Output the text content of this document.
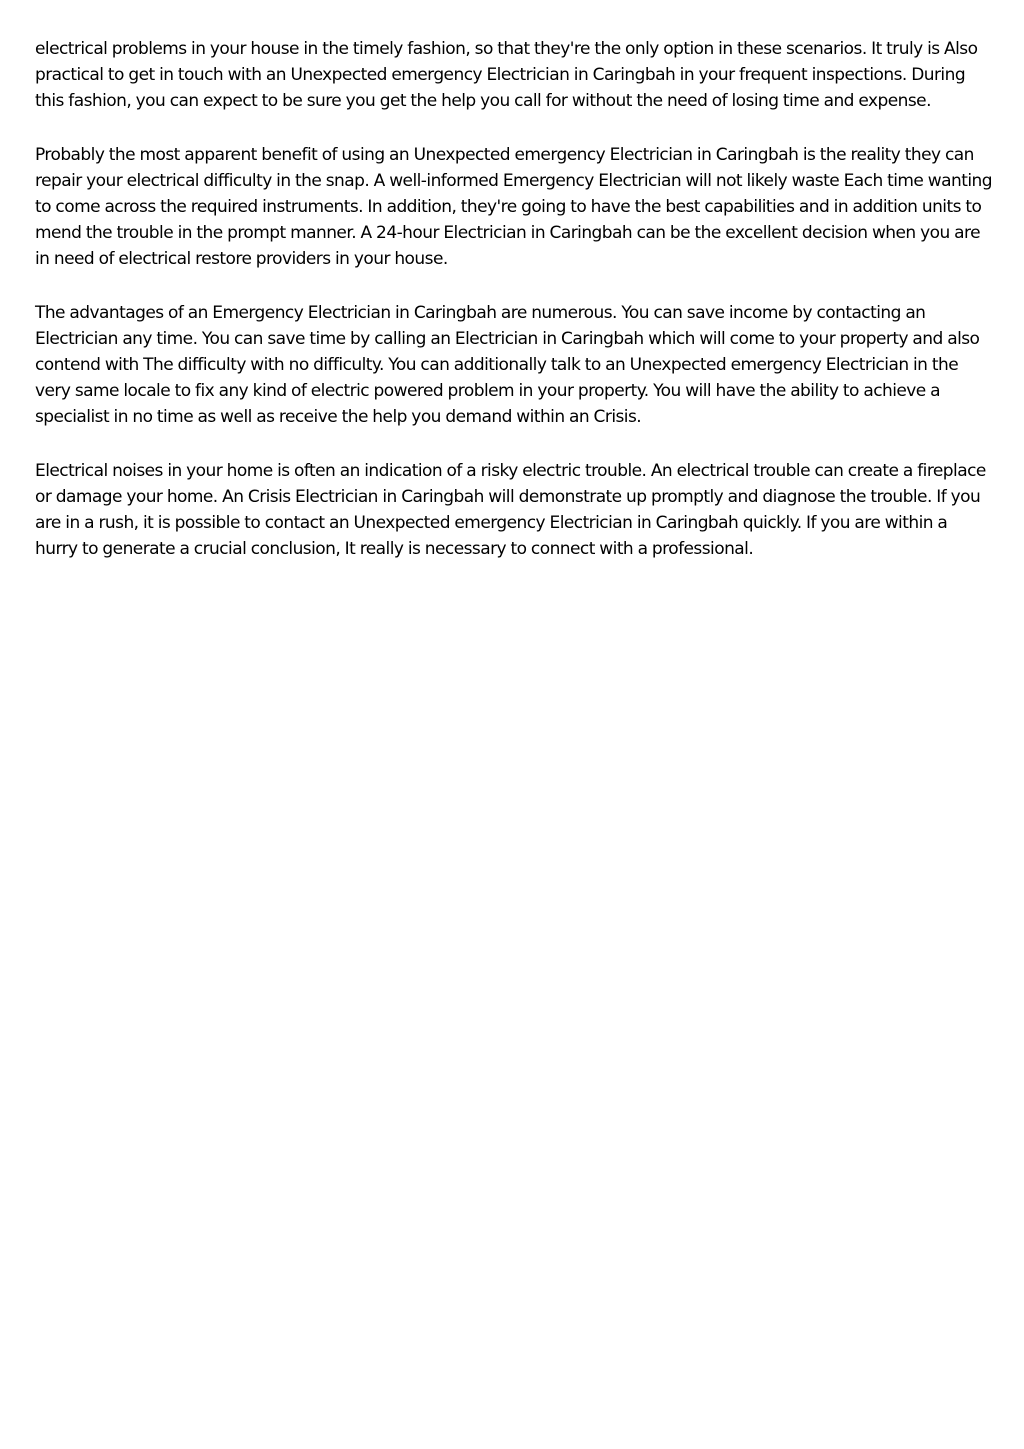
electrical problems in your house in the timely fashion, so that they're the only option in these scenarios. It truly is Also practical to get in touch with an Unexpected emergency Electrician in Caringbah in your frequent inspections. During this fashion, you can expect to be sure you get the help you call for without the need of losing time and expense.

Probably the most apparent benefit of using an Unexpected emergency Electrician in Caringbah is the reality they can repair your electrical difficulty in the snap. A well-informed Emergency Electrician will not likely waste Each time wanting to come across the required instruments. In addition, they're going to have the best capabilities and in addition units to mend the trouble in the prompt manner. A 24-hour Electrician in Caringbah can be the excellent decision when you are in need of electrical restore providers in your house.

The advantages of an Emergency Electrician in Caringbah are numerous. You can save income by contacting an Electrician any time. You can save time by calling an Electrician in Caringbah which will come to your property and also contend with The difficulty with no difficulty. You can additionally talk to an Unexpected emergency Electrician in the very same locale to fix any kind of electric powered problem in your property. You will have the ability to achieve a specialist in no time as well as receive the help you demand within an Crisis.

Electrical noises in your home is often an indication of a risky electric trouble. An electrical trouble can create a fireplace or damage your home. An Crisis Electrician in Caringbah will demonstrate up promptly and diagnose the trouble. If you are in a rush, it is possible to contact an Unexpected emergency Electrician in Caringbah quickly. If you are within a hurry to generate a crucial conclusion, It really is necessary to connect with a professional.
